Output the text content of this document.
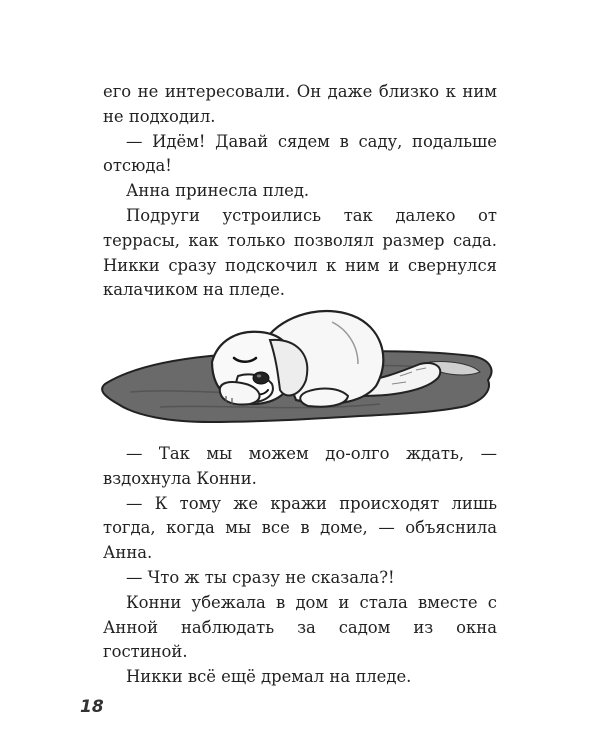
его не интересовали. Он даже близко к ним не подходил.

— Идём! Давай сядем в саду, подальше отсюда!

Анна принесла плед.

Подруги устроились так далеко от террасы, как только позволял размер сада. Никки сразу подскочил к ним и свернулся калачиком на пледе.

— Так мы можем до-олго ждать, — вздохнула Конни.

— К тому же кражи происходят лишь тогда, когда мы все в доме, — объяснила Анна.

— Что ж ты сразу не сказала?!

Конни убежала в дом и стала вместе с Анной наблюдать за садом из окна гостиной.

Никки всё ещё дремал на пледе.

18
